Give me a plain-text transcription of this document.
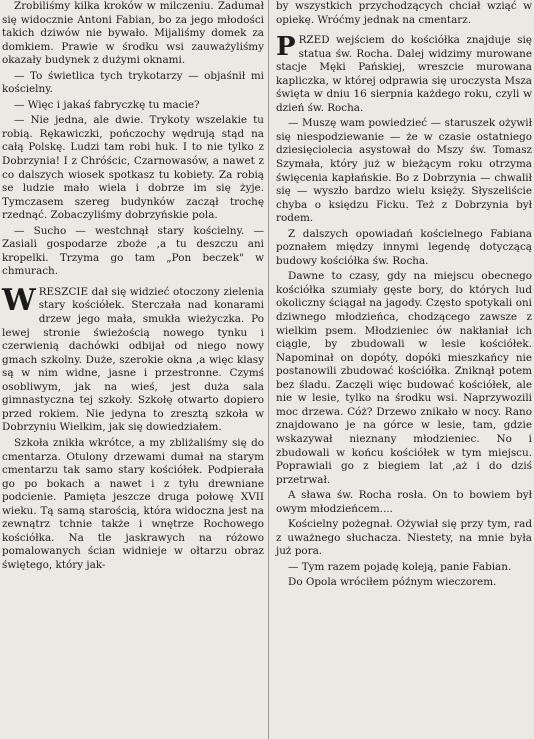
Zrobiliśmy kilka kroków w milczeniu. Zadumał się widocznie Antoni Fabian, bo za jego młodości takich dziwów nie bywało. Mijaliśmy domek za domkiem. Prawie w środku wsi zauważyliśmy okazały budynek z dużymi oknami.

— To świetlica tych trykotarzy — objaśnił mi kościelny.

— Więc i jakaś fabryczkę tu macie?

— Nie jedna, ale dwie. Trykoty wszelakie tu robią. Rękawiczki, pończochy wędrują stąd na całą Polskę. Ludzi tam robi huk. I to nie tylko z Dobrzynia! I z Chróścic, Czarnowasów, a nawet z co dalszych wiosek spotkasz tu kobiety. Za robią se ludzie mało wiela i dobrze im się żyje. Tymczasem szereg budynków zaczął trochę rzednąć. Zobaczyliśmy dobrzyńskie pola.

— Sucho — westchnął stary kościelny. — Zasiali gospodarze zboże ,a tu deszczu ani kropelki. Trzyma go tam „Pon beczek" w chmurach.

WRESZCIE dał się widzieć otoczony zieleniа stary kościółek. Sterczała nad konarami drzew jego mała, smukła wieżyczka. Po lewej stronie świeżością nowego tynku i czerwienią dachówki odbijał od niego nowy gmach szkolny. Duże, szerokie okna ,a więc klasy są w nim widne, jasne i przestronne. Czymś osobliwym, jak na wieś, jest duża sala gimnastyczna tej szkoły. Szkołę otwarto dopiero przed rokiem. Nie jedyna to zresztą szkoła w Dobrzyniu Wielkim, jak się dowiedziałem.

Szkoła znikła wkrótce, a my zbliżaliśmy się do cmentarza. Otulony drzewami dumał na starym cmentarzu tak samo stary kościółek. Podpierała go po bokach a nawet i z tyłu drewniane podcienie. Pamięta jeszcze druga połowę XVII wieku. Tą samą starością, która widoczna jest na zewnątrz tchnie także i wnętrze Rochowego kościółka. Na tle jaskrawych na różowo pomalowanych ścian widnieje w ołtarzu obraz świętego, który jak-

by wszystkich przychodzących chciał wziąć w opiekę. Wróćmy jednak na cmentarz.

PRZED wejściem do kościółka znajduje się statua św. Rocha. Dalej widzimy murowane stacje Męki Pańskiej, wreszcie murowana kapliczka, w której odprawia się uroczysta Msza święta w dniu 16 sierpnia każdego roku, czyli w dzień św. Rocha.

— Muszę wam powiedzieć — staruszek ożywił się niespodziewanie — że w czasie ostatniego dziesięciolecia asystował do Mszy św. Tomasz Szymała, który już w bieżącym roku otrzyma święcenia kapłańskie. Bo z Dobrzynia — chwalił się — wyszło bardzo wielu księży. Słyszeliście chyba o księdzu Ficku. Też z Dobrzynia był rodem.

Z dalszych opowiadań kościelnego Fabiana poznałem między innymi legendę dotyczącą budowy kościółka św. Rocha.

Dawne to czasy, gdy na miejscu obecnego kościółka szumiały gęste bory, do których lud okoliczny ściągał na jagody. Często spotykali oni dziwnego młodzieńca, chodzącego zawsze z wielkim psem. Młodzieniec ów nakłaniał ich ciągle, by zbudowali w lesie kościółek. Napominał on dopóty, dopóki mieszkańcy nie postanowili zbudować kościółka. Zniknął potem bez śladu. Zaczęli więc budować kościółek, ale nie w lesie, tylko na środku wsi. Naprzywozili moc drzewa. Cóż? Drzewo znikało w nocy. Rano znajdowano je na górce w lesie, tam, gdzie wskazywał nieznany młodzieniec. No i zbudowali w końcu kościółek w tym miejscu. Poprawiali go z biegiem lat ,aż i do dziś przetrwał.

A sława św. Rocha rosła. On to bowiem był owym młodzieńcem....

Kościelny pożegnał. Ożywiał się przy tym, rad z uważnego słuchacza. Niestety, na mnie była już pora.

— Tym razem pojadę koleją, panie Fabian.

Do Opola wróciłem późnym wieczorem.
